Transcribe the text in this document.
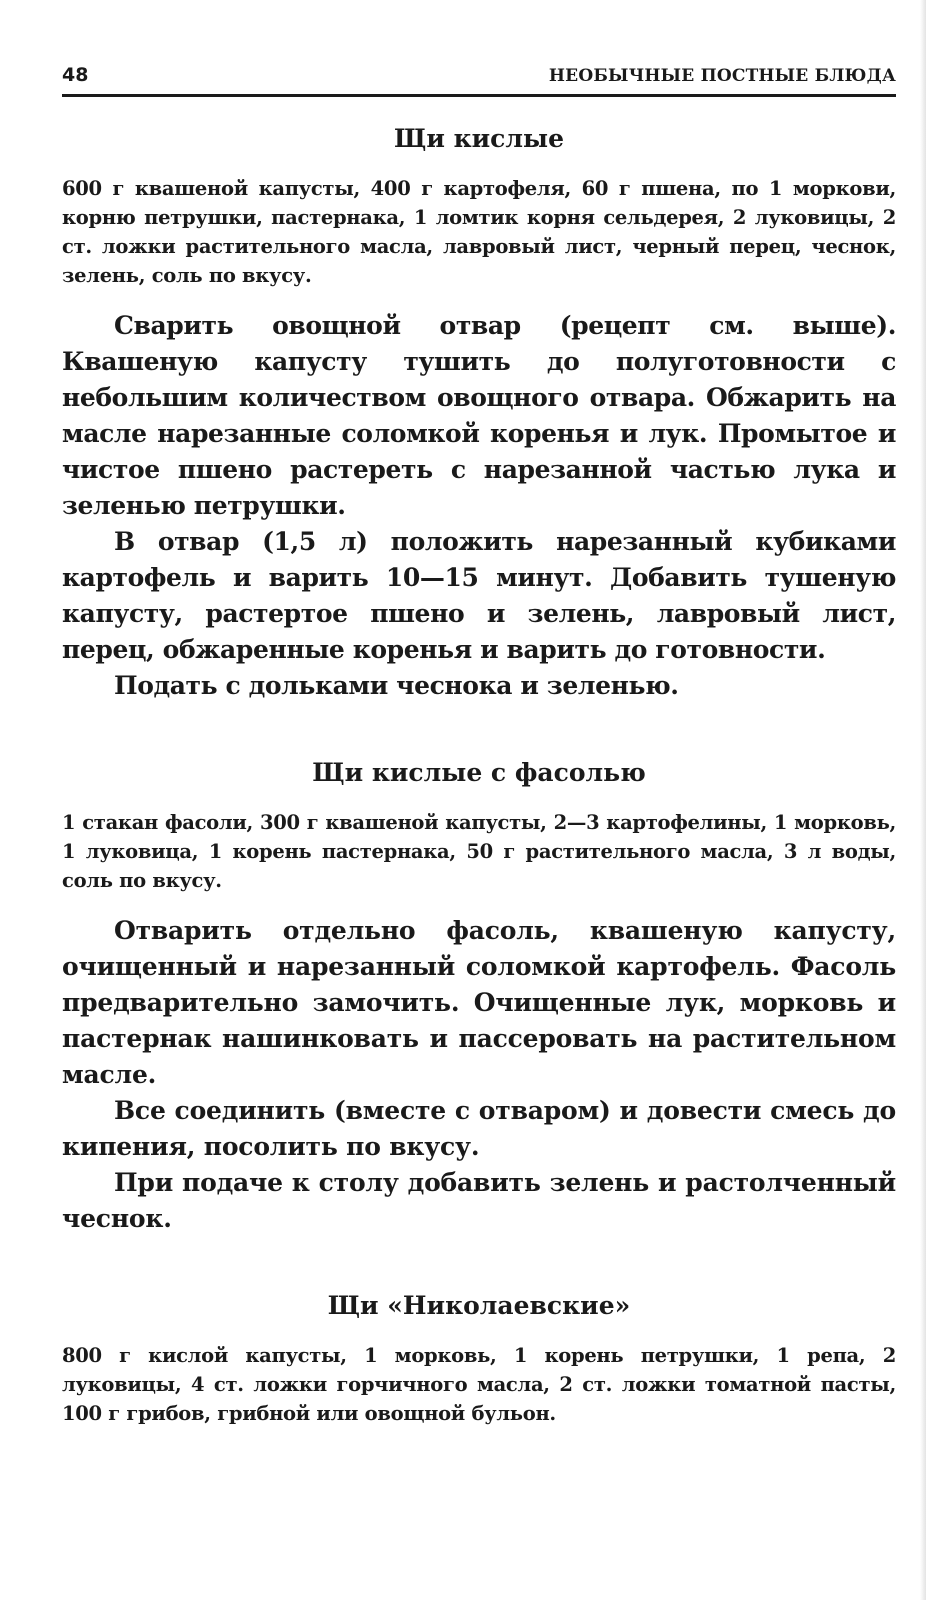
48	НЕОБЫЧНЫЕ ПОСТНЫЕ БЛЮДА
Щи кислые

600 г квашеной капусты, 400 г картофеля, 60 г пшена, по 1 моркови, корню петрушки, пастернака, 1 ломтик корня сельдерея, 2 луковицы, 2 ст. ложки растительного масла, лавровый лист, черный перец, чеснок, зелень, соль по вкусу.

Сварить овощной отвар (рецепт см. выше). Квашеную капусту тушить до полуготовности с небольшим количеством овощного отвара. Обжарить на масле нарезанные соломкой коренья и лук. Промытое и чистое пшено растереть с нарезанной частью лука и зеленью петрушки.

В отвар (1,5 л) положить нарезанный кубиками картофель и варить 10—15 минут. Добавить тушеную капусту, растертое пшено и зелень, лавровый лист, перец, обжаренные коренья и варить до готовности.

Подать с дольками чеснока и зеленью.

Щи кислые с фасолью

1 стакан фасоли, 300 г квашеной капусты, 2—3 картофелины, 1 морковь, 1 луковица, 1 корень пастернака, 50 г растительного масла, 3 л воды, соль по вкусу.

Отварить отдельно фасоль, квашеную капусту, очищенный и нарезанный соломкой картофель. Фасоль предварительно замочить. Очищенные лук, морковь и пастернак нашинковать и пассеровать на растительном масле.

Все соединить (вместе с отваром) и довести смесь до кипения, посолить по вкусу.

При подаче к столу добавить зелень и растолченный чеснок.

Щи «Николаевские»

800 г кислой капусты, 1 морковь, 1 корень петрушки, 1 репа, 2 луковицы, 4 ст. ложки горчичного масла, 2 ст. ложки томатной пасты, 100 г грибов, грибной или овощной бульон.
